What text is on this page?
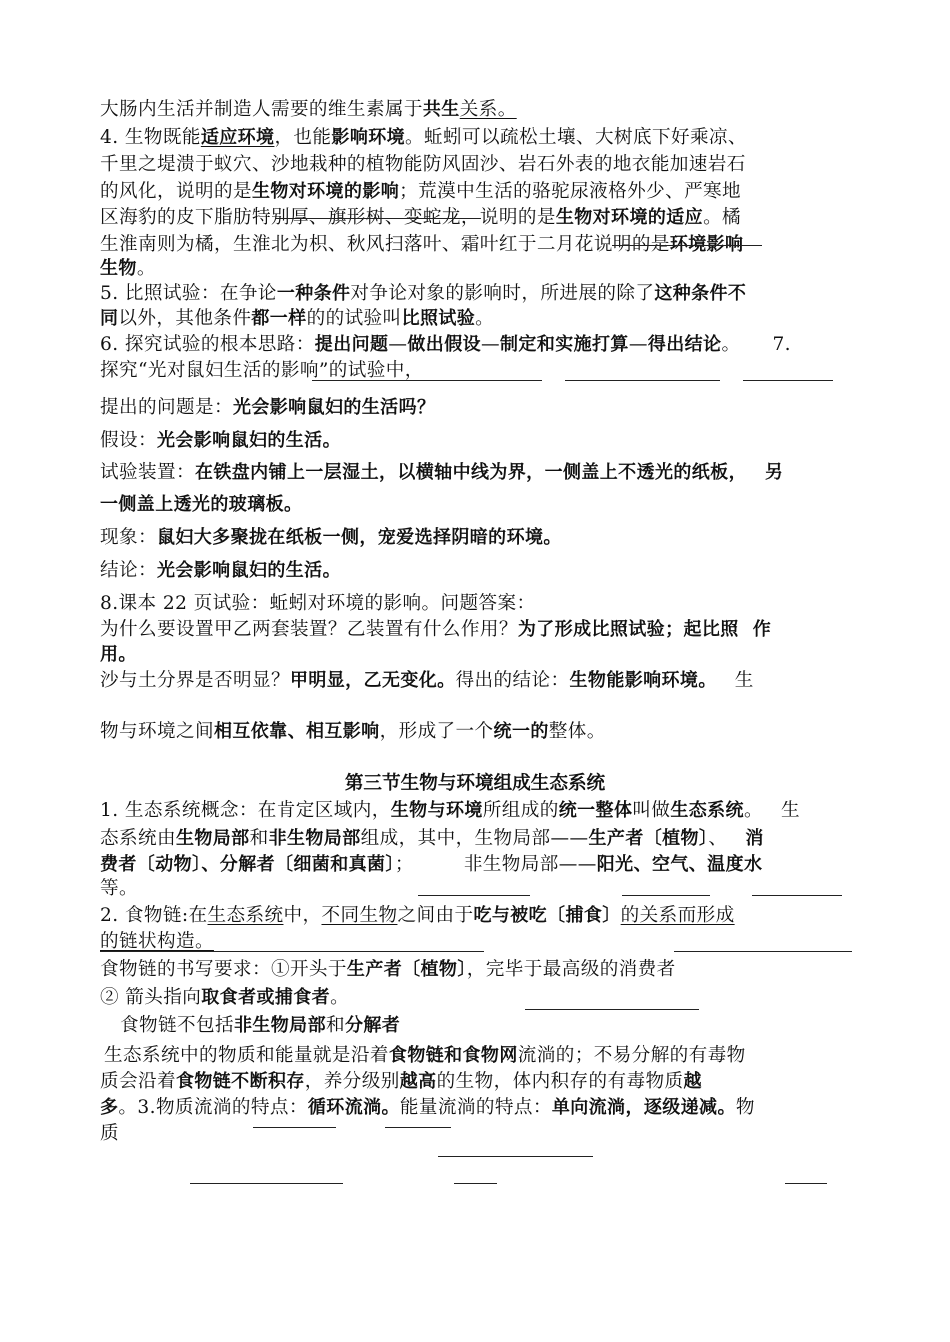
大肠内生活并制造人需要的维生素属于共生关系。
4. 生物既能适应环境，也能影响环境。蚯蚓可以疏松土壤、大树底下好乘凉、
千里之堤溃于蚁穴、沙地栽种的植物能防风固沙、岩石外表的地衣能加速岩石
的风化，说明的是生物对环境的影响；荒漠中生活的骆驼尿液格外少、严寒地
区海豹的皮下脂肪特别厚、旗形树、变蛇龙，说明的是生物对环境的适应。橘
生淮南则为橘，生淮北为枳、秋风扫落叶、霜叶红于二月花说明的是环境影响
生物。
5. 比照试验：在争论一种条件对争论对象的影响时，所进展的除了这种条件不
同以外，其他条件都一样的的试验叫比照试验。
6. 探究试验的根本思路：提出问题—做出假设—制定和实施打算—得出结论。 7.
探究“光对鼠妇生活的影响”的试验中，
提出的问题是：光会影响鼠妇的生活吗？
假设：光会影响鼠妇的生活。
试验装置：在铁盘内铺上一层湿土，以横轴中线为界，一侧盖上不透光的纸板， 另
一侧盖上透光的玻璃板。
现象：鼠妇大多聚拢在纸板一侧，宠爱选择阴暗的环境。
结论：光会影响鼠妇的生活。
8.课本 22 页试验：蚯蚓对环境的影响。问题答案：
为什么要设置甲乙两套装置？乙装置有什么作用？为了形成比照试验；起比照 作
用。
沙与土分界是否明显？甲明显，乙无变化。得出的结论：生物能影响环境。 生
物与环境之间相互依靠、相互影响，形成了一个统一的整体。
第三节生物与环境组成生态系统
1. 生态系统概念：在肯定区域内，生物与环境所组成的统一整体叫做生态系统。 生
态系统由生物局部和非生物局部组成，其中，生物局部——生产者〔植物〕、 消
费者〔动物〕、分解者〔细菌和真菌〕；	非生物局部——阳光、空气、温度水
等。
2. 食物链:在生态系统中，不同生物之间由于吃与被吃〔捕食〕的关系而形成
的链状构造。
食物链的书写要求：①开头于生产者〔植物〕，完毕于最高级的消费者
② 箭头指向取食者或捕食者。
食物链不包括非生物局部和分解者
生态系统中的物质和能量就是沿着食物链和食物网流淌的；不易分解的有毒物
质会沿着食物链不断积存，养分级别越高的生物，体内积存的有毒物质越
多。3.物质流淌的特点：循环流淌。能量流淌的特点：单向流淌，逐级递减。物
质
